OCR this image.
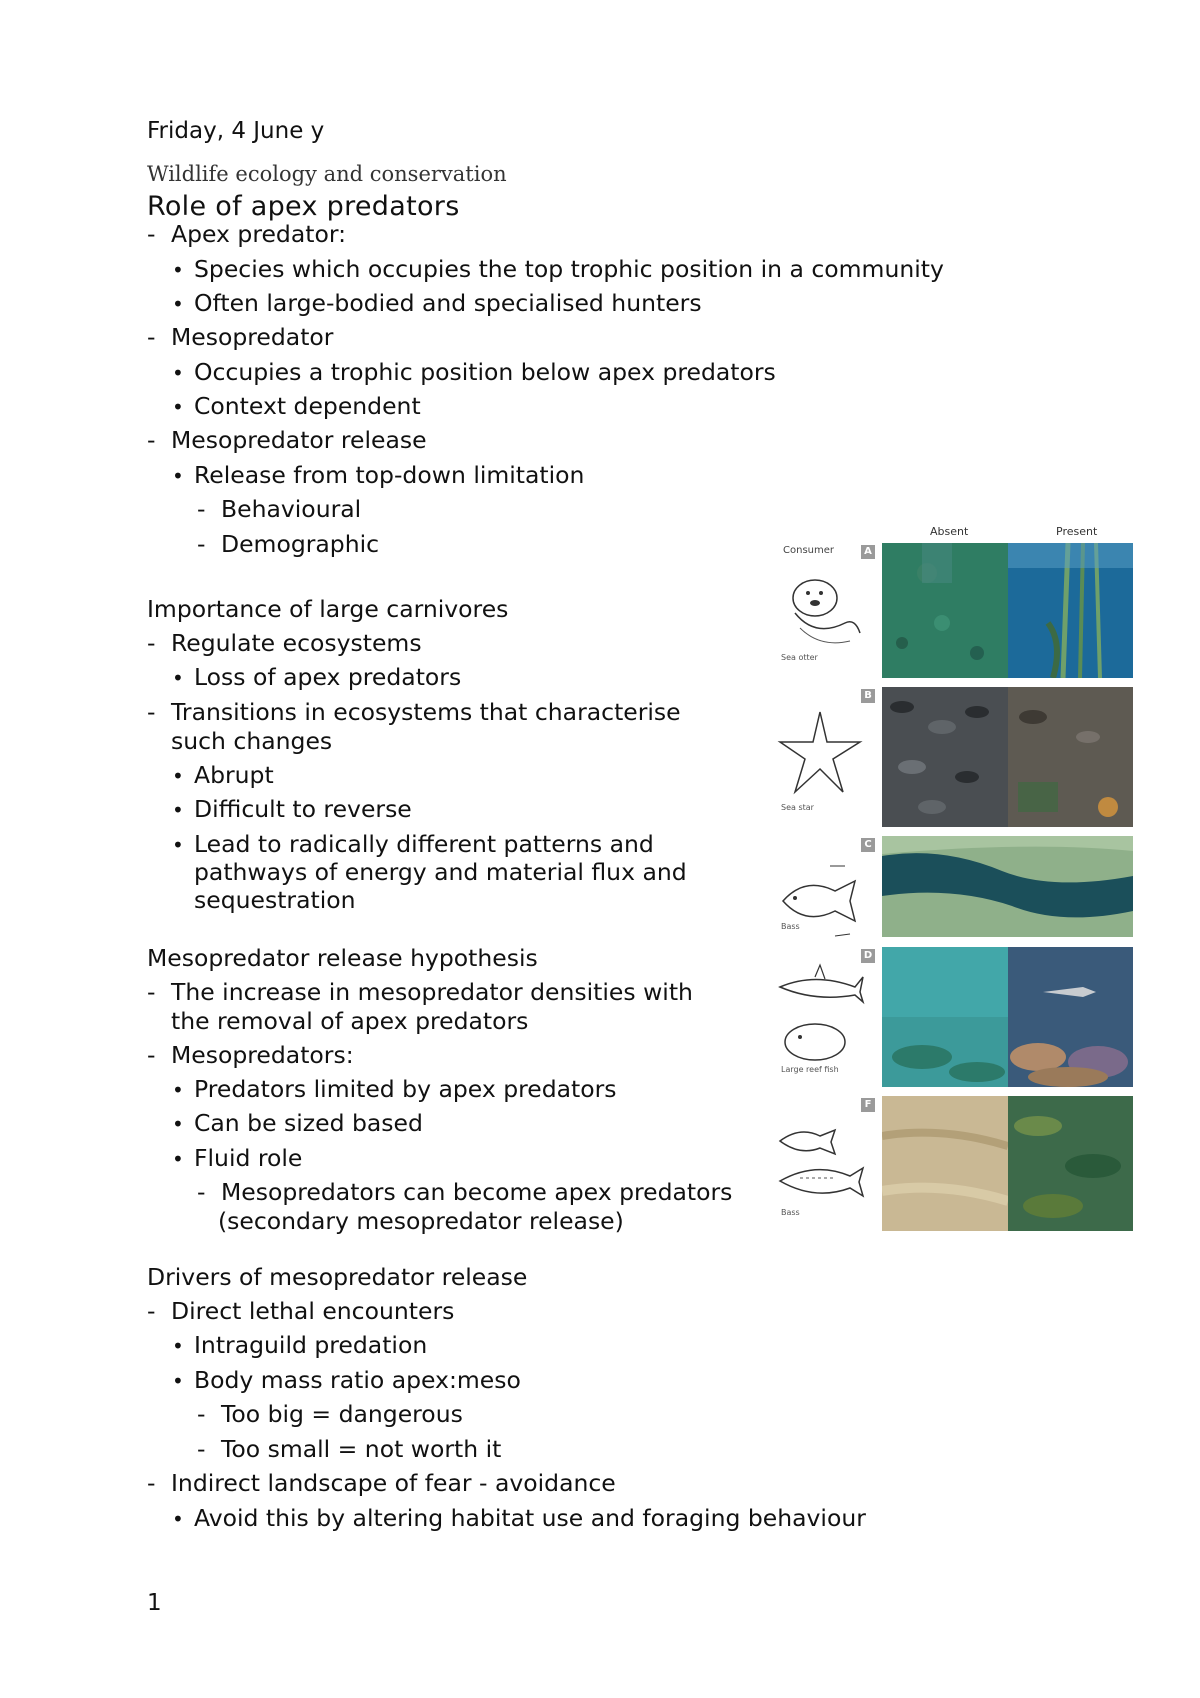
Friday, 4 June y
Wildlife ecology and conservation
Role of apex predators
- Apex predator:
• Species which occupies the top trophic position in a community
• Often large-bodied and specialised hunters
- Mesopredator
• Occupies a trophic position below apex predators
• Context dependent
- Mesopredator release
• Release from top-down limitation
- Behavioural
- Demographic
Importance of large carnivores
- Regulate ecosystems
• Loss of apex predators
- Transitions in ecosystems that characterise
such changes
• Abrupt
• Difficult to reverse
• Lead to radically different patterns and
pathways of energy and material flux and
sequestration
Mesopredator release hypothesis
- The increase in mesopredator densities with
the removal of apex predators
- Mesopredators:
• Predators limited by apex predators
• Can be sized based
• Fluid role
- Mesopredators can become apex predators
(secondary mesopredator release)
Drivers of mesopredator release
- Direct lethal encounters
• Intraguild predation
• Body mass ratio apex:meso
- Too big = dangerous
- Too small = not worth it
- Indirect landscape of fear - avoidance
• Avoid this by altering habitat use and foraging behaviour
Absent	Present
Consumer	A
Sea otter
B
Sea star
C
Bass
D
Large reef fish
F
Bass
1
